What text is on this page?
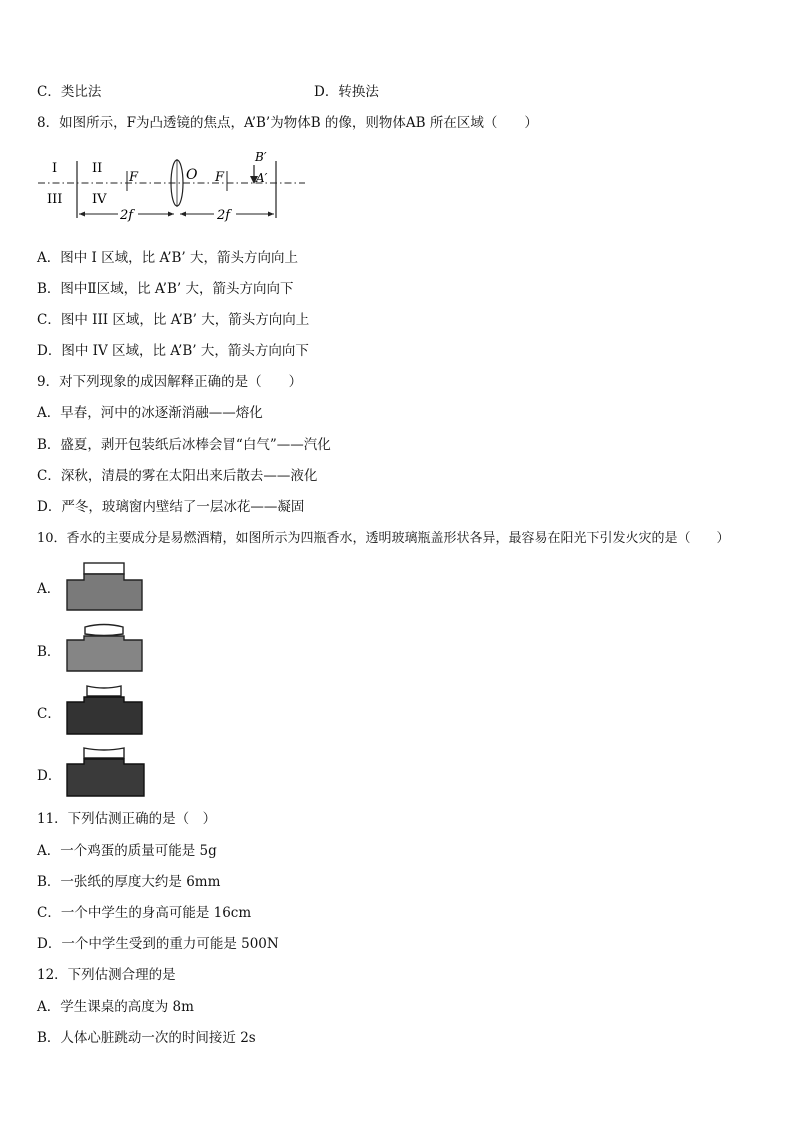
C．类比法	D．转换法
8．如图所示，F为凸透镜的焦点，A’B’为物体B 的像，则物体AB 所在区域（　　）
I	II
III IV
F	O F
B′
A′
2f	2f
A．图中 I 区域，比 A’B’ 大，箭头方向向上
B．图中Ⅱ区域，比 A’B’ 大，箭头方向向下
C．图中 III 区域，比 A’B’ 大，箭头方向向上
D．图中 IV 区域，比 A’B’ 大，箭头方向向下
9．对下列现象的成因解释正确的是（　　）
A．早春，河中的冰逐渐消融——熔化
B．盛夏，剥开包装纸后冰棒会冒“白气”——汽化
C．深秋，清晨的雾在太阳出来后散去——液化
D．严冬，玻璃窗内壁结了一层冰花——凝固
10．香水的主要成分是易燃酒精，如图所示为四瓶香水，透明玻璃瓶盖形状各异，最容易在阳光下引发火灾的是（　　）
A．
B．
C．
D．
11．下列估测正确的是（　）
A．一个鸡蛋的质量可能是 5g
B．一张纸的厚度大约是 6mm
C．一个中学生的身高可能是 16cm
D．一个中学生受到的重力可能是 500N
12．下列估测合理的是
A．学生课桌的高度为 8m
B．人体心脏跳动一次的时间接近 2s
